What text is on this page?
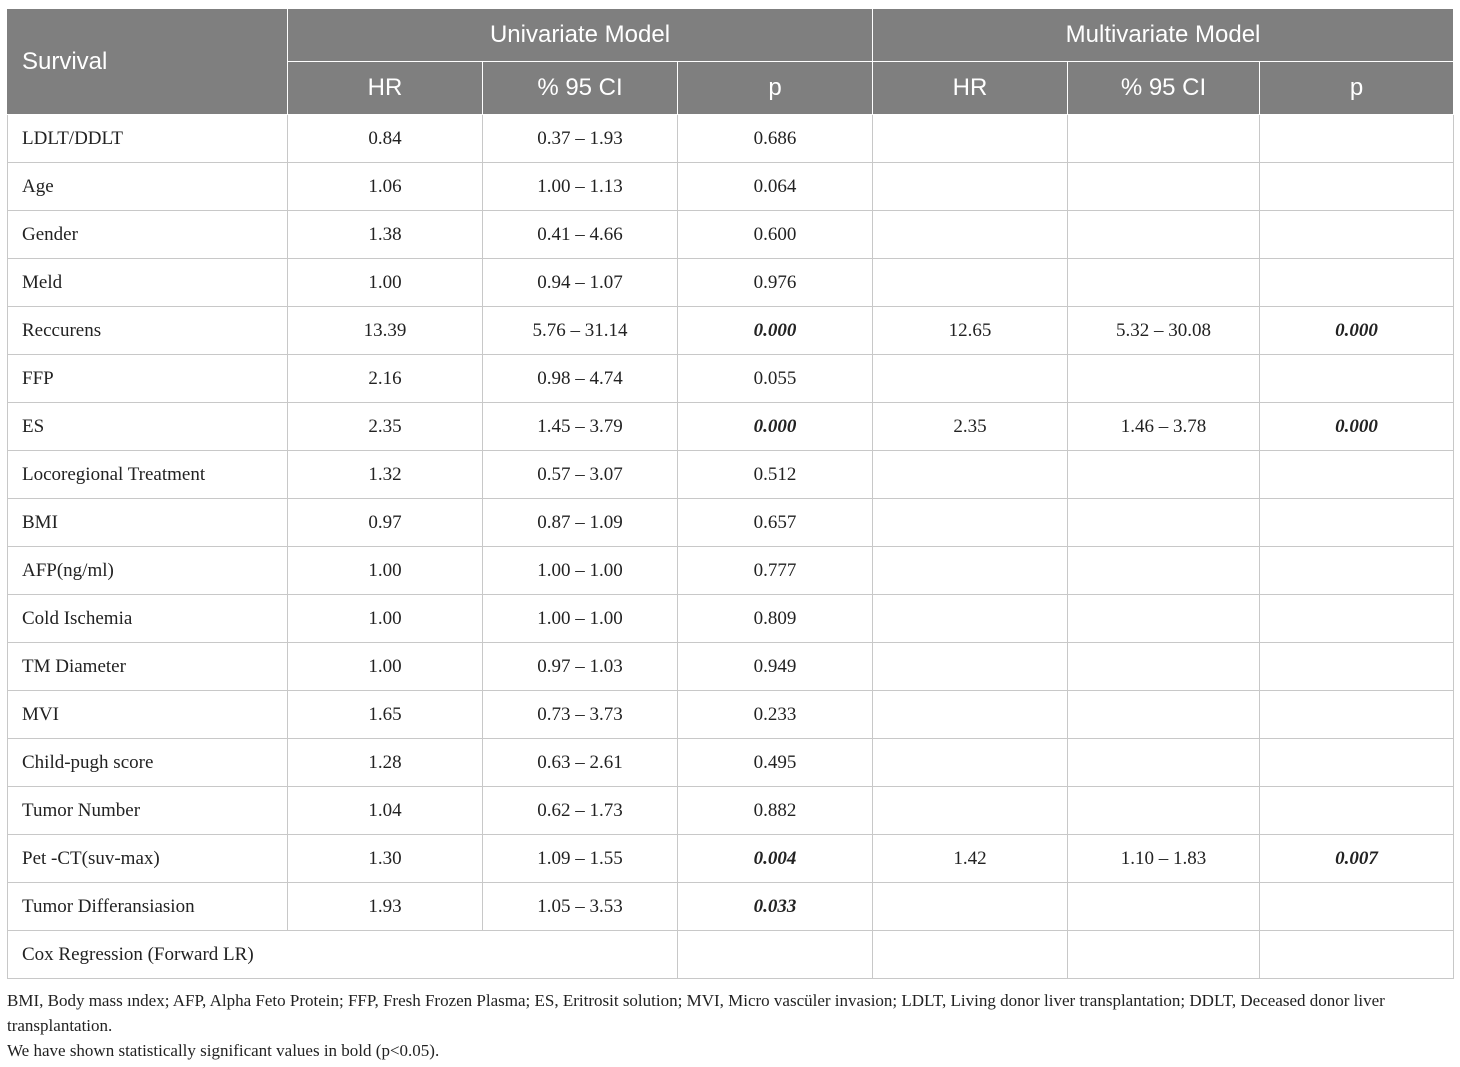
Survival	Univariate Model			Multivariate Model		
	HR	% 95 CI	p	HR	% 95 CI	p
LDLT/DDLT	0.84	0.37 – 1.93	0.686			
Age	1.06	1.00 – 1.13	0.064			
Gender	1.38	0.41 – 4.66	0.600			
Meld	1.00	0.94 – 1.07	0.976			
Reccurens	13.39	5.76 – 31.14	0.000	12.65	5.32 – 30.08	0.000
FFP	2.16	0.98 – 4.74	0.055			
ES	2.35	1.45 – 3.79	0.000	2.35	1.46 – 3.78	0.000
Locoregional Treatment	1.32	0.57 – 3.07	0.512			
BMI	0.97	0.87 – 1.09	0.657			
AFP(ng/ml)	1.00	1.00 – 1.00	0.777			
Cold Ischemia	1.00	1.00 – 1.00	0.809			
TM Diameter	1.00	0.97 – 1.03	0.949			
MVI	1.65	0.73 – 3.73	0.233			
Child-pugh score	1.28	0.63 – 2.61	0.495			
Tumor Number	1.04	0.62 – 1.73	0.882			
Pet -CT(suv-max)	1.30	1.09 – 1.55	0.004	1.42	1.10 – 1.83	0.007
Tumor Differansiasion	1.93	1.05 – 3.53	0.033			
Cox Regression (Forward LR)						

BMI, Body mass ındex; AFP, Alpha Feto Protein; FFP, Fresh Frozen Plasma; ES, Eritrosit solution; MVI, Micro vascüler invasion; LDLT, Living donor liver transplantation; DDLT, Deceased donor liver transplantation.

We have shown statistically significant values in bold (p<0.05).
